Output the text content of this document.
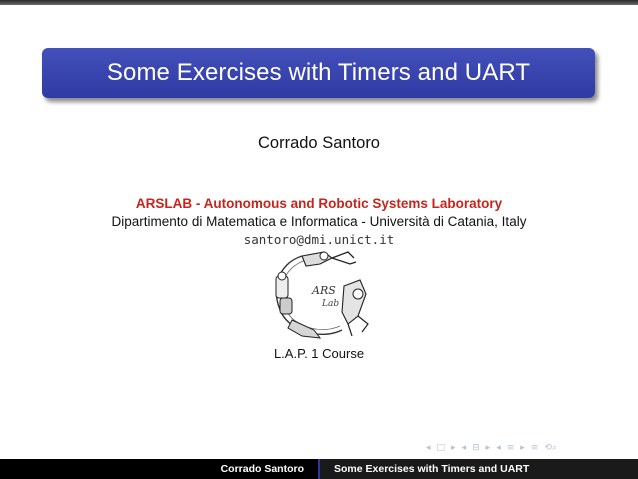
Some Exercises with Timers and UART
Corrado Santoro
ARSLAB - Autonomous and Robotic Systems Laboratory
Dipartimento di Matematica e Informatica - Università di Catania, Italy
santoro@dmi.unict.it
ARS
Lab
L.A.P. 1 Course
◂ □ ▸ ◂ ⊟ ▸ ◂ ≡ ▸ ≡ ⟲⌕
Corrado Santoro	Some Exercises with Timers and UART
